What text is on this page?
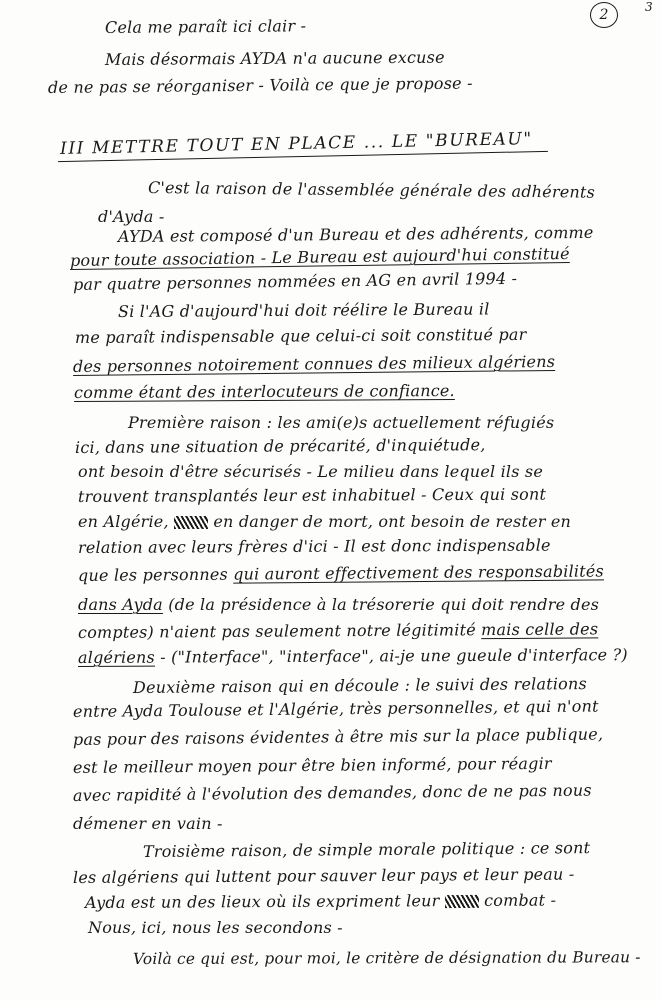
2	3
Cela me paraît ici clair -
Mais désormais AYDA n'a aucune excuse
de ne pas se réorganiser - Voilà ce que je propose -
III METTRE TOUT EN PLACE ... LE "BUREAU"
C'est la raison de l'assemblée générale des adhérents
d'Ayda -
AYDA est composé d'un Bureau et des adhérents, comme
pour toute association - Le Bureau est aujourd'hui constitué
par quatre personnes nommées en AG en avril 1994 -
Si l'AG d'aujourd'hui doit réélire le Bureau il
me paraît indispensable que celui-ci soit constitué par
des personnes notoirement connues des milieux algériens
comme étant des interlocuteurs de confiance.
Première raison : les ami(e)s actuellement réfugiés
ici, dans une situation de précarité, d'inquiétude,
ont besoin d'être sécurisés - Le milieu dans lequel ils se
trouvent transplantés leur est inhabituel - Ceux qui sont
en Algérie,	en danger de mort, ont besoin de rester en
relation avec leurs frères d'ici - Il est donc indispensable
que les personnes qui auront effectivement des responsabilités
dans Ayda (de la présidence à la trésorerie qui doit rendre des
comptes) n'aient pas seulement notre légitimité mais celle des
algériens - ("Interface", "interface", ai-je une gueule d'interface ?)
Deuxième raison qui en découle : le suivi des relations
entre Ayda Toulouse et l'Algérie, très personnelles, et qui n'ont
pas pour des raisons évidentes à être mis sur la place publique,
est le meilleur moyen pour être bien informé, pour réagir
avec rapidité à l'évolution des demandes, donc de ne pas nous
démener en vain -
Troisième raison, de simple morale politique : ce sont
les algériens qui luttent pour sauver leur pays et leur peau -
Ayda est un des lieux où ils expriment leur	combat -
Nous, ici, nous les secondons -
Voilà ce qui est, pour moi, le critère de désignation du Bureau -
